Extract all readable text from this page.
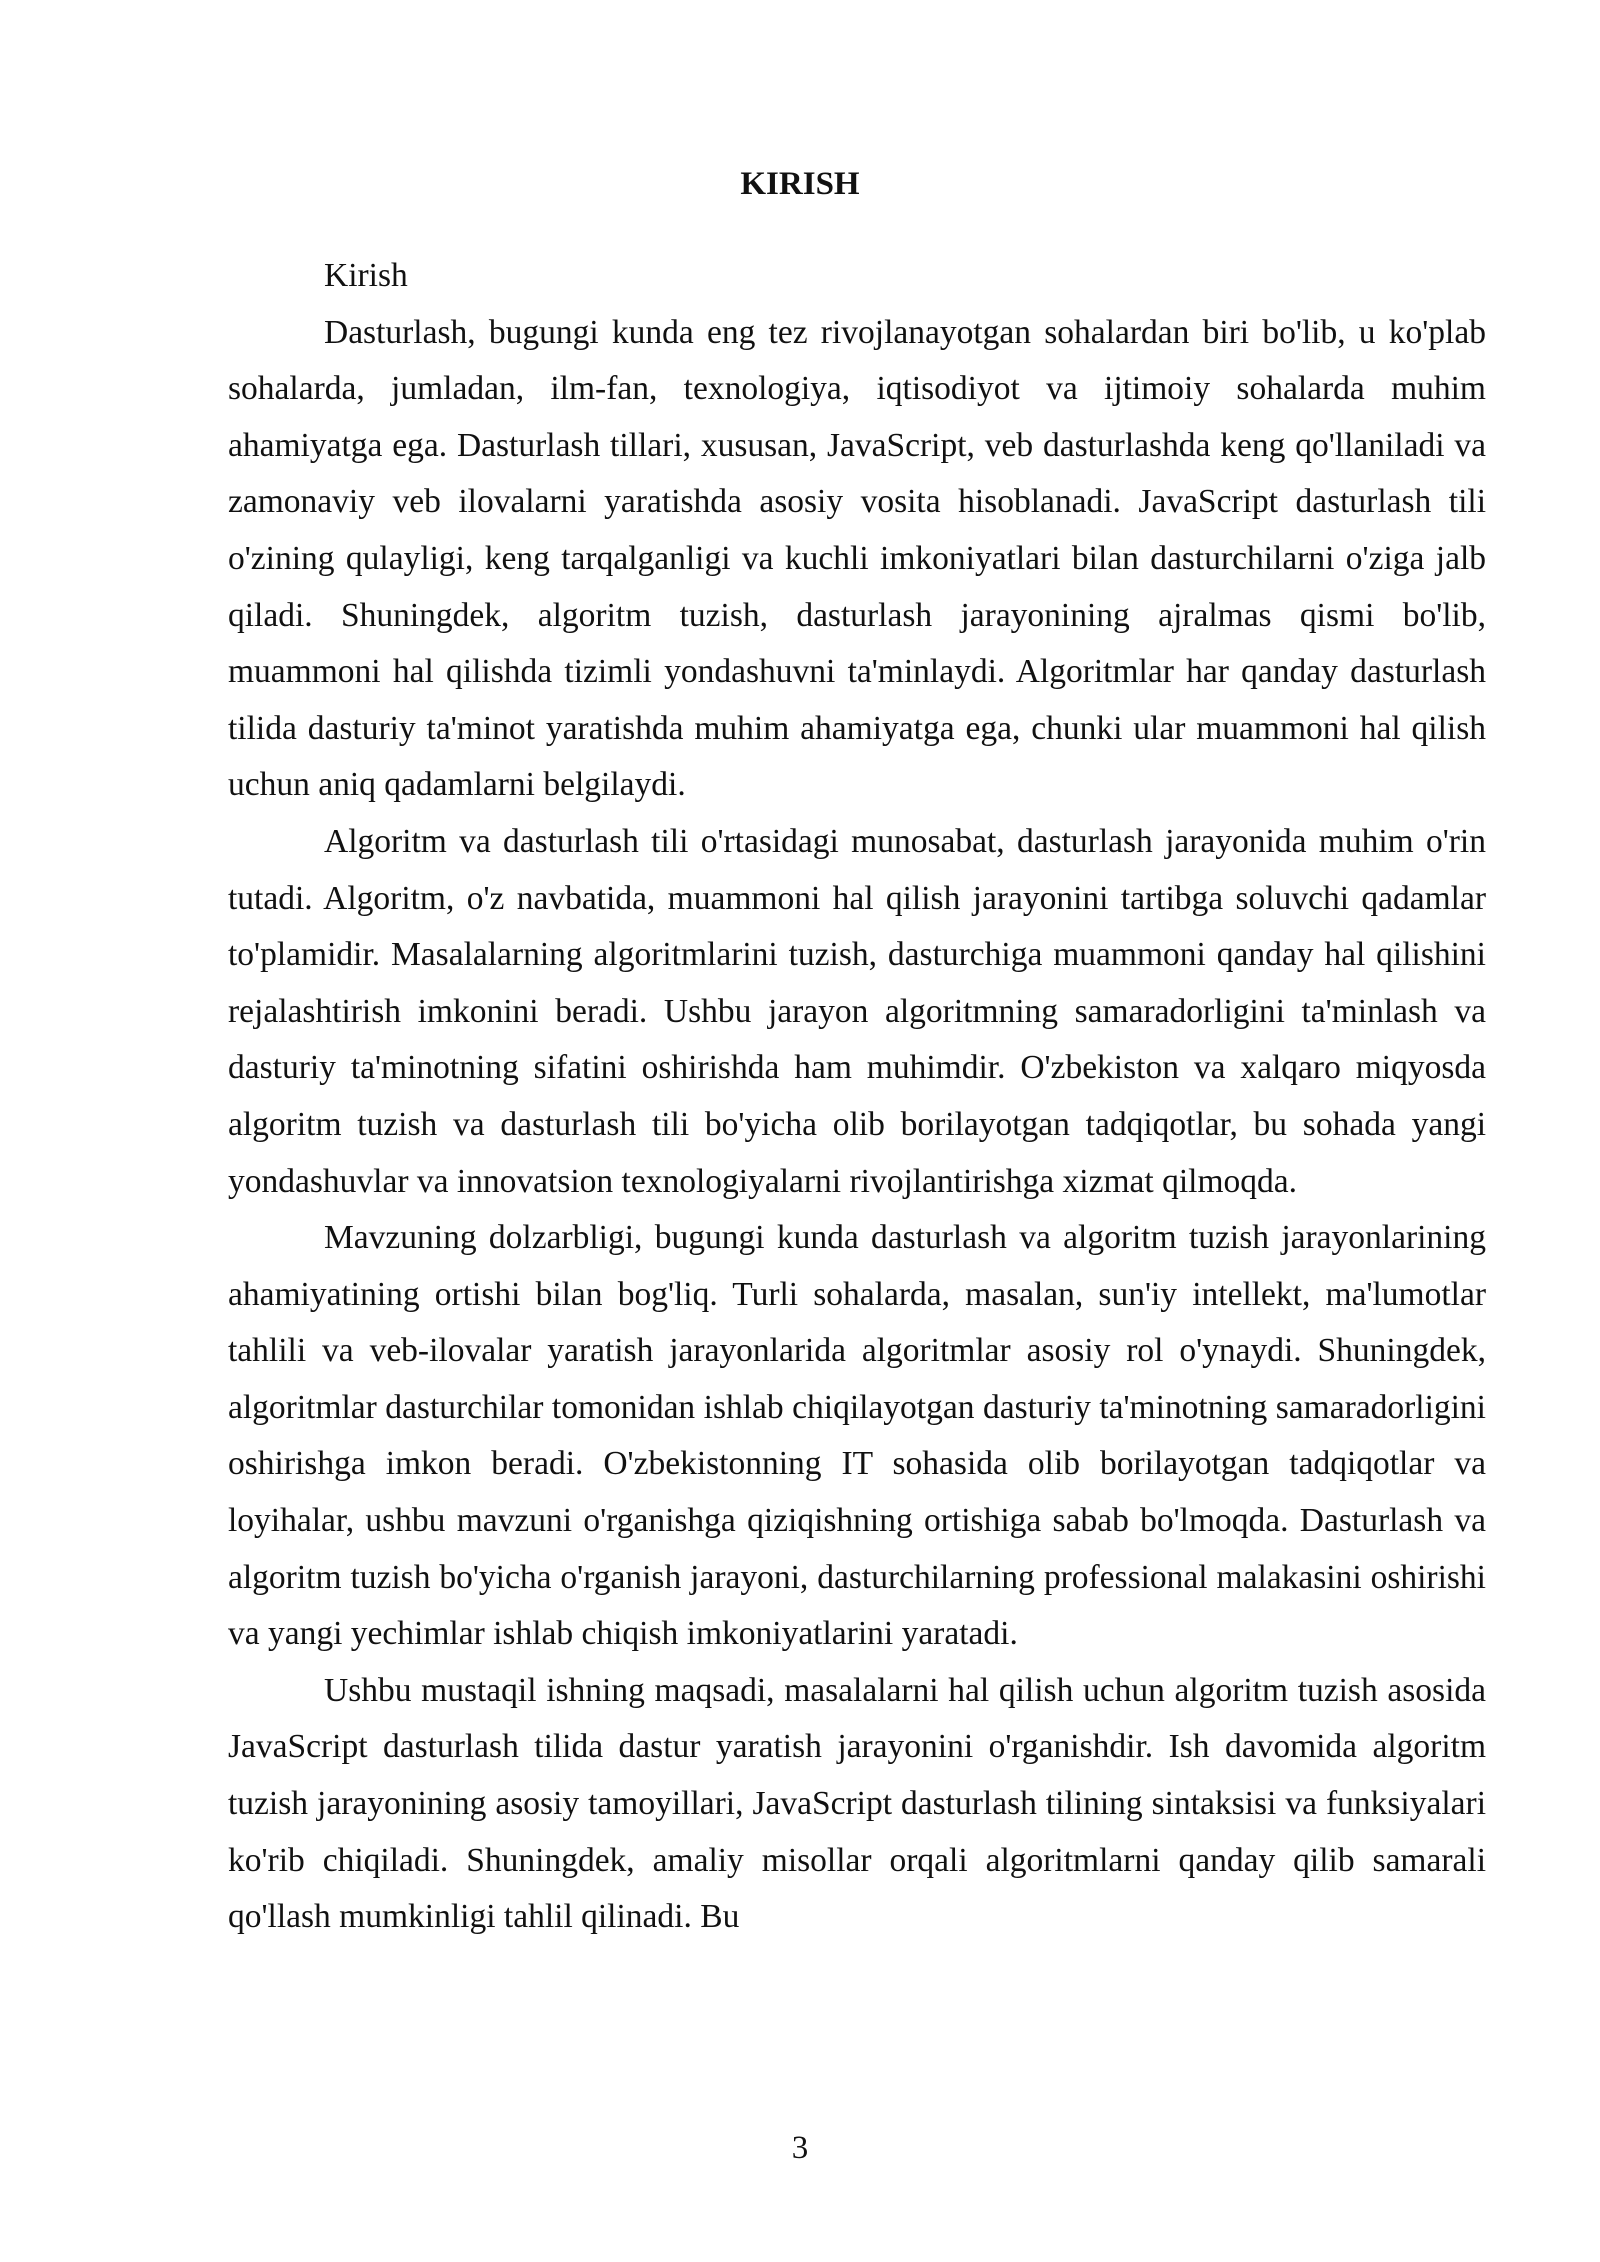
KIRISH

Kirish

Dasturlash, bugungi kunda eng tez rivojlanayotgan sohalardan biri bo'lib, u ko'plab sohalarda, jumladan, ilm-fan, texnologiya, iqtisodiyot va ijtimoiy sohalarda muhim ahamiyatga ega. Dasturlash tillari, xususan, JavaScript, veb dasturlashda keng qo'llaniladi va zamonaviy veb ilovalarni yaratishda asosiy vosita hisoblanadi. JavaScript dasturlash tili o'zining qulayligi, keng tarqalganligi va kuchli imkoniyatlari bilan dasturchilarni o'ziga jalb qiladi. Shuningdek, algoritm tuzish, dasturlash jarayonining ajralmas qismi bo'lib, muammoni hal qilishda tizimli yondashuvni ta'minlaydi. Algoritmlar har qanday dasturlash tilida dasturiy ta'minot yaratishda muhim ahamiyatga ega, chunki ular muammoni hal qilish uchun aniq qadamlarni belgilaydi.

Algoritm va dasturlash tili o'rtasidagi munosabat, dasturlash jarayonida muhim o'rin tutadi. Algoritm, o'z navbatida, muammoni hal qilish jarayonini tartibga soluvchi qadamlar to'plamidir. Masalalarning algoritmlarini tuzish, dasturchiga muammoni qanday hal qilishini rejalashtirish imkonini beradi. Ushbu jarayon algoritmning samaradorligini ta'minlash va dasturiy ta'minotning sifatini oshirishda ham muhimdir. O'zbekiston va xalqaro miqyosda algoritm tuzish va dasturlash tili bo'yicha olib borilayotgan tadqiqotlar, bu sohada yangi yondashuvlar va innovatsion texnologiyalarni rivojlantirishga xizmat qilmoqda.

Mavzuning dolzarbligi, bugungi kunda dasturlash va algoritm tuzish jarayonlarining ahamiyatining ortishi bilan bog'liq. Turli sohalarda, masalan, sun'iy intellekt, ma'lumotlar tahlili va veb-ilovalar yaratish jarayonlarida algoritmlar asosiy rol o'ynaydi. Shuningdek, algoritmlar dasturchilar tomonidan ishlab chiqilayotgan dasturiy ta'minotning samaradorligini oshirishga imkon beradi. O'zbekistonning IT sohasida olib borilayotgan tadqiqotlar va loyihalar, ushbu mavzuni o'rganishga qiziqishning ortishiga sabab bo'lmoqda. Dasturlash va algoritm tuzish bo'yicha o'rganish jarayoni, dasturchilarning professional malakasini oshirishi va yangi yechimlar ishlab chiqish imkoniyatlarini yaratadi.

Ushbu mustaqil ishning maqsadi, masalalarni hal qilish uchun algoritm tuzish asosida JavaScript dasturlash tilida dastur yaratish jarayonini o'rganishdir. Ish davomida algoritm tuzish jarayonining asosiy tamoyillari, JavaScript dasturlash tilining sintaksisi va funksiyalari ko'rib chiqiladi. Shuningdek, amaliy misollar orqali algoritmlarni qanday qilib samarali qo'llash mumkinligi tahlil qilinadi. Bu

3
